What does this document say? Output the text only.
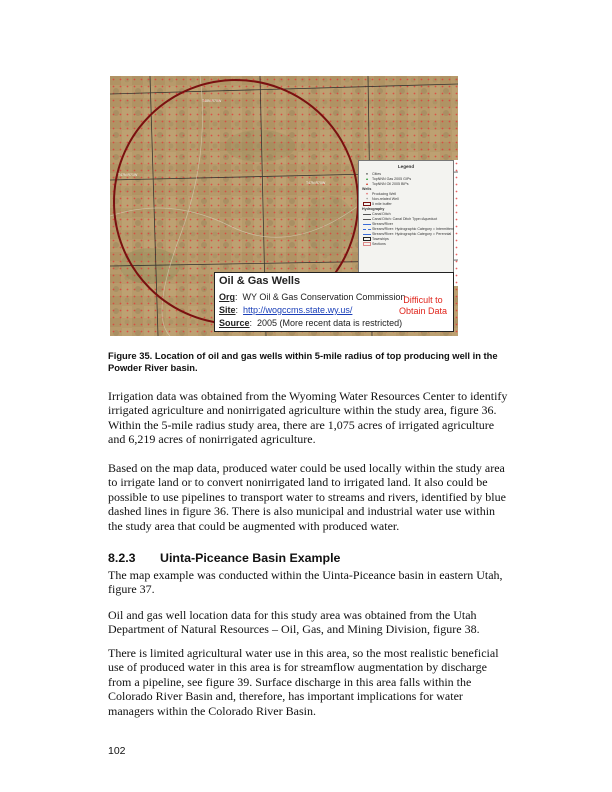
T48N R70W
T47N R71W
T47N R70W
Legend
●	Cities
▲ TopNNN Gas 2005 GIPs
▲ TopNNN Oil 2005 BIPs
Wells
✶ Producing Well
+	Non-related Well
5 mile buffer
Hydrography
Canal Ditch
Canal Ditch: Canal Ditch Type=Aqueduct
Stream/River
Stream/River: Hydrographic Category = Intermittent
Stream/River: Hydrographic Category = Perennial
Townships
Sections
Oil & Gas Wells
Org:  WY Oil & Gas Conservation Commission
Site:  http://wogccms.state.wy.us/
Source:  2005 (More recent data is restricted)
Difficult to
Obtain Data
Figure 35. Location of oil and gas wells within 5-mile radius of top producing well in the Powder River basin.

Irrigation data was obtained from the Wyoming Water Resources Center to identify irrigated agriculture and nonirrigated agriculture within the study area, figure 36. Within the 5-mile radius study area, there are 1,075 acres of irrigated agriculture and 6,219 acres of nonirrigated agriculture.

Based on the map data, produced water could be used locally within the study area to irrigate land or to convert nonirrigated land to irrigated land. It also could be possible to use pipelines to transport water to streams and rivers, identified by blue dashed lines in figure 36. There is also municipal and industrial water use within the study area that could be augmented with produced water.

8.2.3 Uinta-Piceance Basin Example

The map example was conducted within the Uinta-Piceance basin in eastern Utah, figure 37.

Oil and gas well location data for this study area was obtained from the Utah Department of Natural Resources – Oil, Gas, and Mining Division, figure 38.

There is limited agricultural water use in this area, so the most realistic beneficial use of produced water in this area is for streamflow augmentation by discharge from a pipeline, see figure 39. Surface discharge in this area falls within the Colorado River Basin and, therefore, has important implications for water managers within the Colorado River Basin.

102
